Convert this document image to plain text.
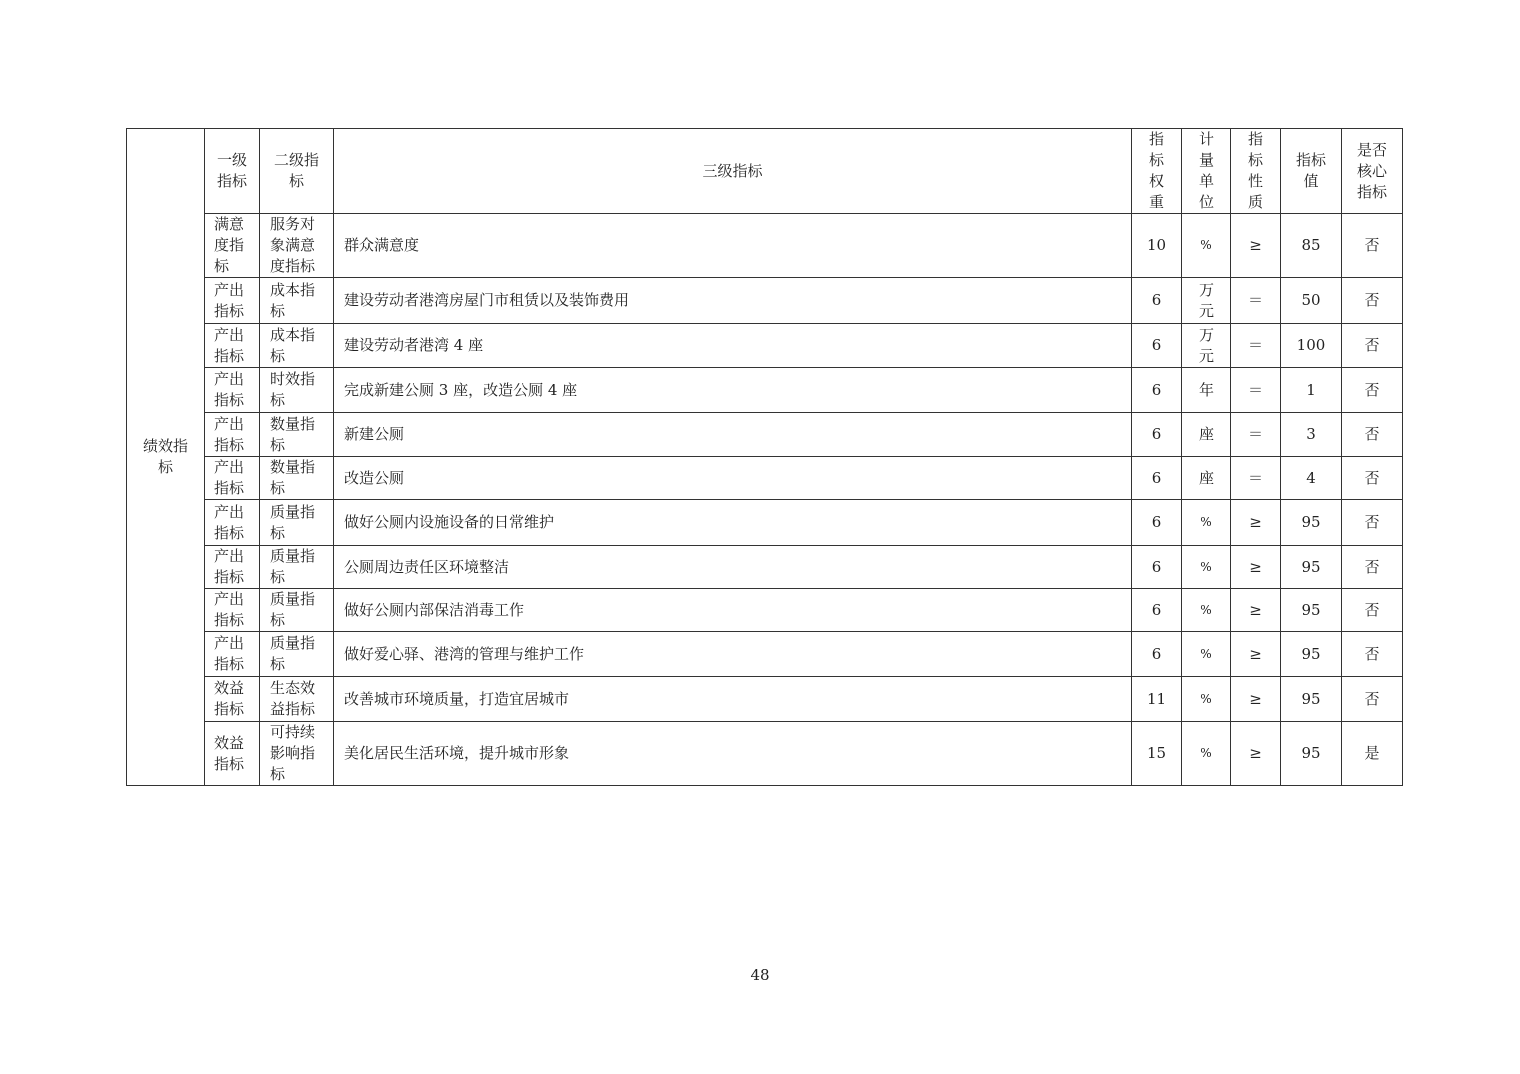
绩效指标	一级指标	二级指标	三级指标	指标权重	计量单位	指标性质	指标值	是否核心指标
	满意度指标	服务对象满意度指标	群众满意度	10	%	≥	85	否
	产出指标	成本指标	建设劳动者港湾房屋门市租赁以及装饰费用	6	万元	＝	50	否
	产出指标	成本指标	建设劳动者港湾 4 座	6	万元	＝	100	否
	产出指标	时效指标	完成新建公厕 3 座，改造公厕 4 座	6	年	＝	1	否
	产出指标	数量指标	新建公厕	6	座	＝	3	否
	产出指标	数量指标	改造公厕	6	座	＝	4	否
	产出指标	质量指标	做好公厕内设施设备的日常维护	6	%	≥	95	否
	产出指标	质量指标	公厕周边责任区环境整洁	6	%	≥	95	否
	产出指标	质量指标	做好公厕内部保洁消毒工作	6	%	≥	95	否
	产出指标	质量指标	做好爱心驿、港湾的管理与维护工作	6	%	≥	95	否
	效益指标	生态效益指标	改善城市环境质量，打造宜居城市	11	%	≥	95	否
	效益指标	可持续影响指标	美化居民生活环境，提升城市形象	15	%	≥	95	是
48
